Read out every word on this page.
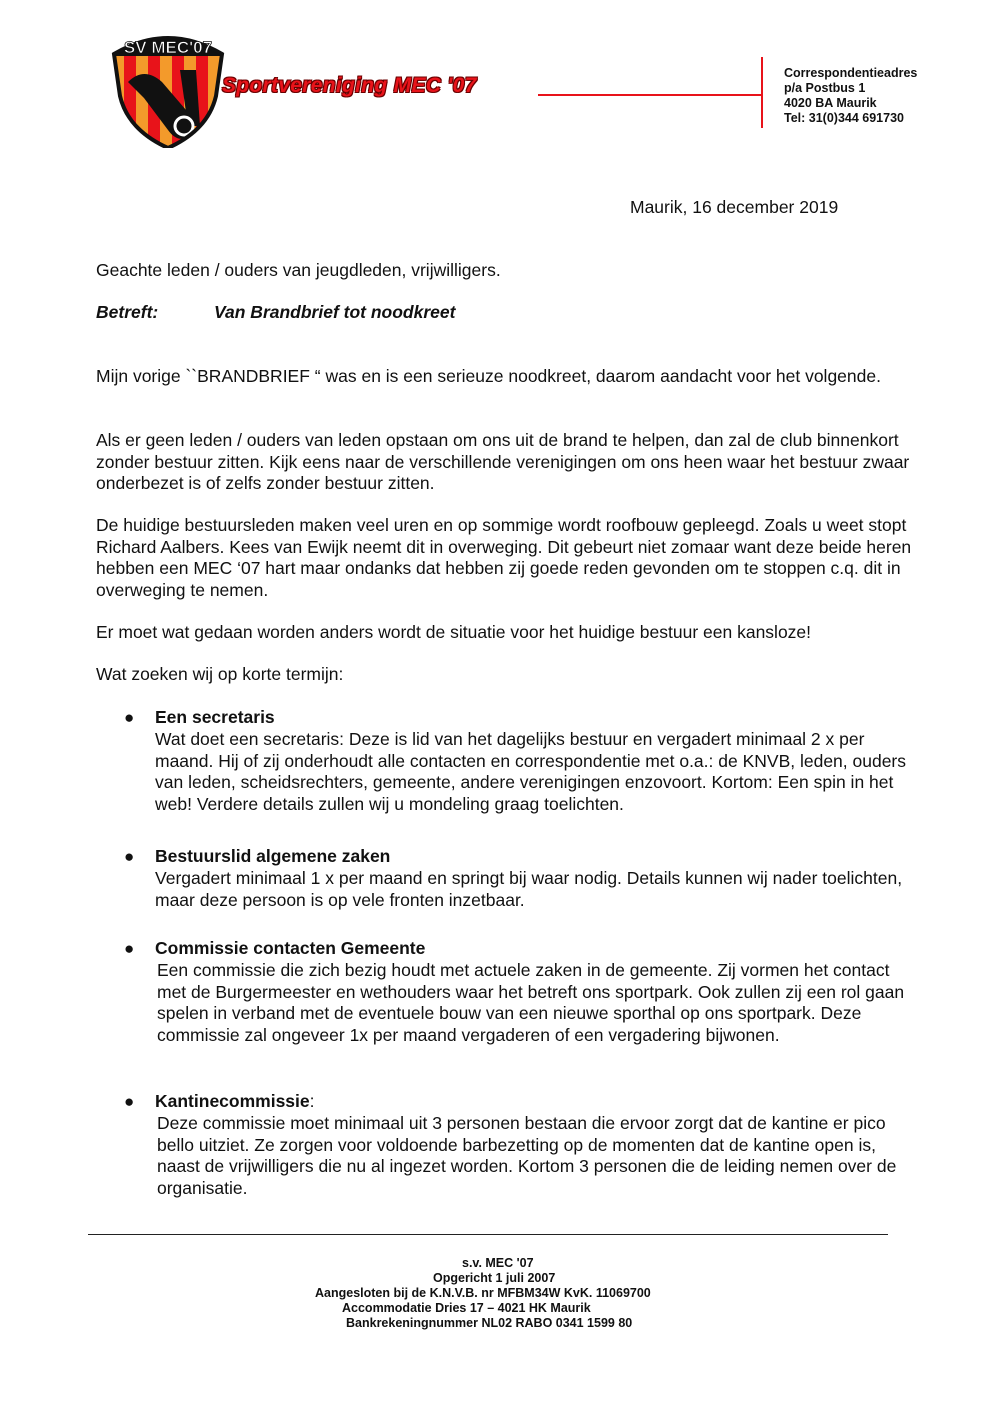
SV MEC'07
Sportvereniging MEC '07
Correspondentieadres
p/a Postbus 1
4020 BA Maurik
Tel: 31(0)344 691730
Maurik, 16 december 2019
Geachte leden / ouders van jeugdleden, vrijwilligers.
Betreft:	Van Brandbrief tot noodkreet
Mijn vorige ``BRANDBRIEF “ was en is een serieuze noodkreet, daarom aandacht voor het volgende.
Als er geen leden / ouders van leden opstaan om ons uit de brand te helpen, dan zal de club binnenkort zonder bestuur zitten. Kijk eens naar de verschillende verenigingen om ons heen waar het bestuur zwaar onderbezet is of zelfs zonder bestuur zitten.
De huidige bestuursleden maken veel uren en op sommige wordt roofbouw gepleegd. Zoals u weet stopt Richard Aalbers. Kees van Ewijk neemt dit in overweging. Dit gebeurt niet zomaar want deze beide heren hebben een MEC ‘07 hart maar ondanks dat hebben zij goede reden gevonden om te stoppen c.q. dit in overweging te nemen.
Er moet wat gedaan worden anders wordt de situatie voor het huidige bestuur een kansloze!
Wat zoeken wij op korte termijn:
● Een secretaris
Wat doet een secretaris: Deze is lid van het dagelijks bestuur en vergadert minimaal 2 x per maand. Hij of zij onderhoudt alle contacten en correspondentie met o.a.: de KNVB, leden, ouders van leden, scheidsrechters, gemeente, andere verenigingen enzovoort. Kortom: Een spin in het web! Verdere details zullen wij u mondeling graag toelichten.
● Bestuurslid algemene zaken
Vergadert minimaal 1 x per maand en springt bij waar nodig. Details kunnen wij nader toelichten, maar deze persoon is op vele fronten inzetbaar.
● Commissie contacten Gemeente
Een commissie die zich bezig houdt met actuele zaken in de gemeente. Zij vormen het contact met de Burgermeester en wethouders waar het betreft ons sportpark. Ook zullen zij een rol gaan spelen in verband met de eventuele bouw van een nieuwe sporthal op ons sportpark. Deze commissie zal ongeveer 1x per maand vergaderen of een vergadering bijwonen.
● Kantinecommissie:
Deze commissie moet minimaal uit 3 personen bestaan die ervoor zorgt dat de kantine er pico bello uitziet. Ze zorgen voor voldoende barbezetting op de momenten dat de kantine open is, naast de vrijwilligers die nu al ingezet worden. Kortom 3 personen die de leiding nemen over de organisatie.
s.v. MEC '07
Opgericht 1 juli 2007
Aangesloten bij de K.N.V.B. nr MFBM34W KvK. 11069700
Accommodatie Dries 17 – 4021 HK Maurik
Bankrekeningnummer NL02 RABO 0341 1599 80
